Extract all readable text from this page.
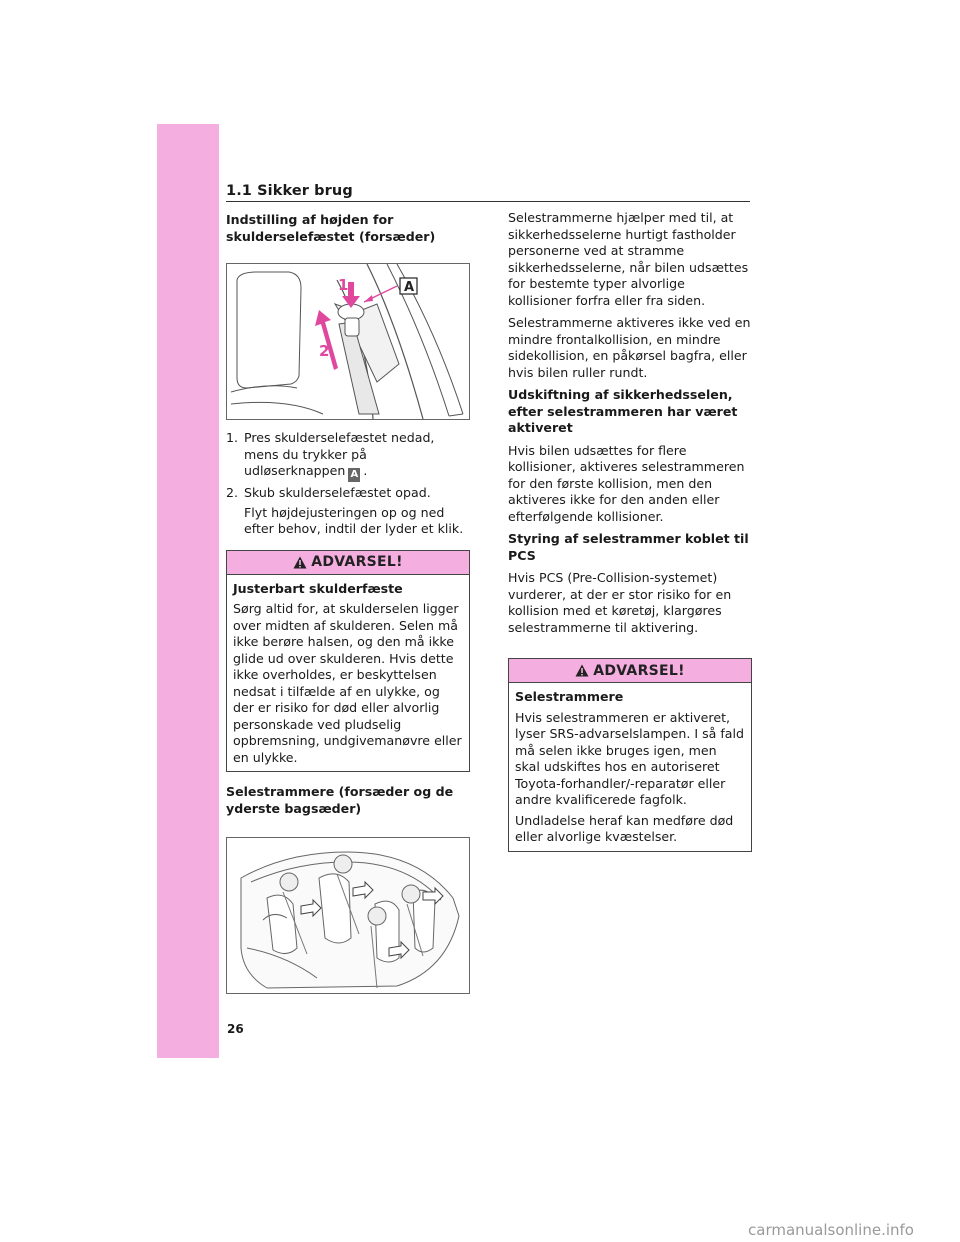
1.1 Sikker brug
Indstilling af højden for skulderselefæstet (forsæder)
1
2
A
1. Pres skulderselefæstet nedad, mens du trykker på udløserknappen A .
2. Skub skulderselefæstet opad.
Flyt højdejusteringen op og ned efter behov, indtil der lyder et klik.
ADVARSEL!
Justerbart skulderfæste
Sørg altid for, at skulderselen ligger over midten af skulderen. Selen må ikke berøre halsen, og den må ikke glide ud over skulderen. Hvis dette ikke overholdes, er beskyttelsen nedsat i tilfælde af en ulykke, og der er risiko for død eller alvorlig personskade ved pludselig opbremsning, undgivemanøvre eller en ulykke.
Selestrammere (forsæder og de yderste bagsæder)
Selestrammerne hjælper med til, at sikkerhedsselerne hurtigt fastholder personerne ved at stramme sikkerhedsselerne, når bilen udsættes for bestemte typer alvorlige kollisioner forfra eller fra siden.
Selestrammerne aktiveres ikke ved en mindre frontalkollision, en mindre sidekollision, en påkørsel bagfra, eller hvis bilen ruller rundt.
Udskiftning af sikkerhedsselen, efter selestrammeren har været aktiveret
Hvis bilen udsættes for flere kollisioner, aktiveres selestrammeren for den første kollision, men den aktiveres ikke for den anden eller efterfølgende kollisioner.
Styring af selestrammer koblet til PCS
Hvis PCS (Pre-Collision-systemet) vurderer, at der er stor risiko for en kollision med et køretøj, klargøres selestrammerne til aktivering.
ADVARSEL!
Selestrammere
Hvis selestrammeren er aktiveret, lyser SRS-advarselslampen. I så fald må selen ikke bruges igen, men skal udskiftes hos en autoriseret Toyota-forhandler/-reparatør eller andre kvalificerede fagfolk.
Undladelse heraf kan medføre død eller alvorlige kvæstelser.
26
carmanualsonline.info
